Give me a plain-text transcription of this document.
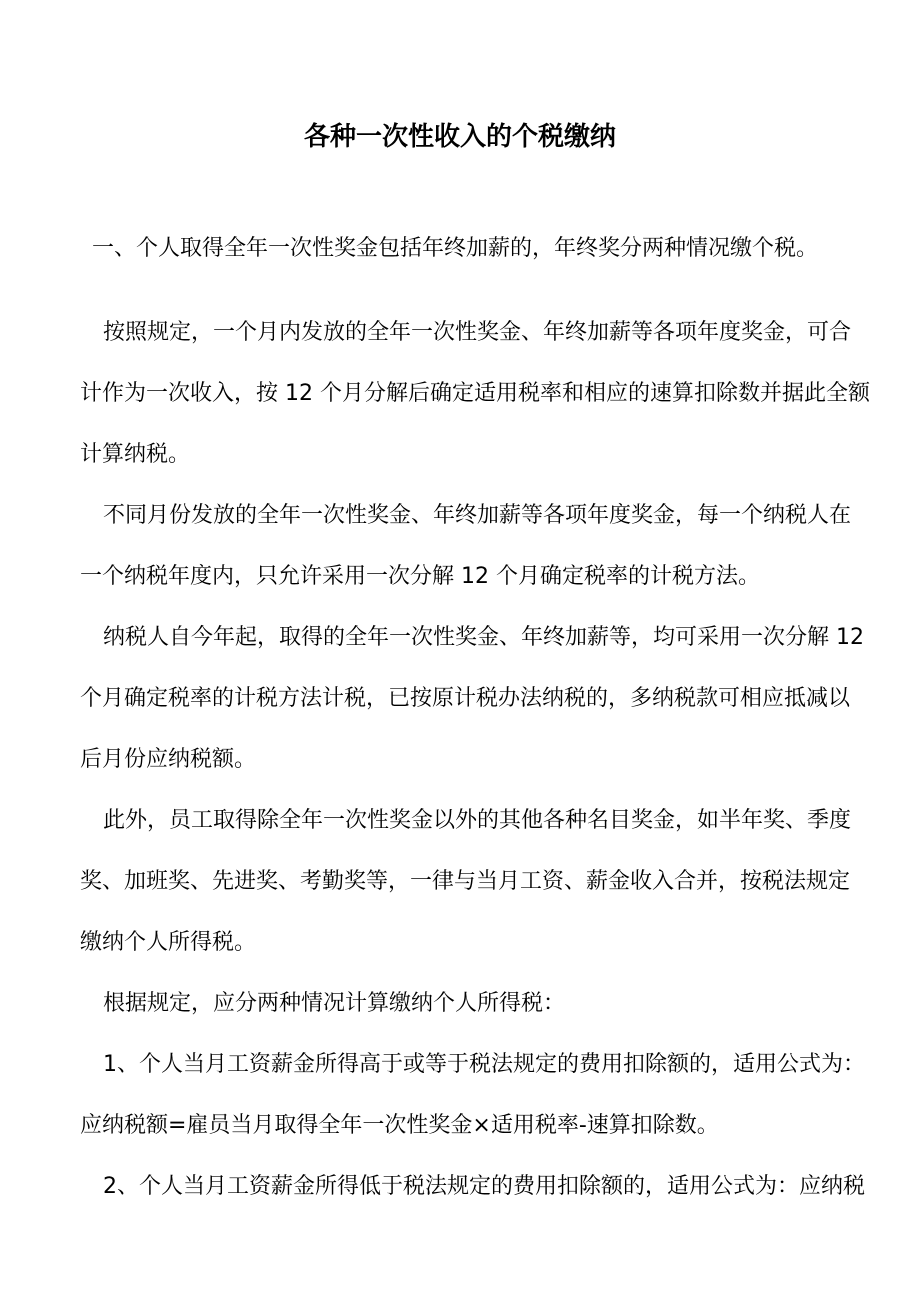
各种一次性收入的个税缴纳
一、个人取得全年一次性奖金包括年终加薪的，年终奖分两种情况缴个税。
按照规定，一个月内发放的全年一次性奖金、年终加薪等各项年度奖金，可合
计作为一次收入，按 12 个月分解后确定适用税率和相应的速算扣除数并据此全额
计算纳税。
不同月份发放的全年一次性奖金、年终加薪等各项年度奖金，每一个纳税人在
一个纳税年度内，只允许采用一次分解 12 个月确定税率的计税方法。
纳税人自今年起，取得的全年一次性奖金、年终加薪等，均可采用一次分解 12
个月确定税率的计税方法计税，已按原计税办法纳税的，多纳税款可相应抵减以
后月份应纳税额。
此外，员工取得除全年一次性奖金以外的其他各种名目奖金，如半年奖、季度
奖、加班奖、先进奖、考勤奖等，一律与当月工资、薪金收入合并，按税法规定
缴纳个人所得税。
根据规定，应分两种情况计算缴纳个人所得税：
1、个人当月工资薪金所得高于或等于税法规定的费用扣除额的，适用公式为：
应纳税额=雇员当月取得全年一次性奖金×适用税率-速算扣除数。
2、个人当月工资薪金所得低于税法规定的费用扣除额的，适用公式为：应纳税
